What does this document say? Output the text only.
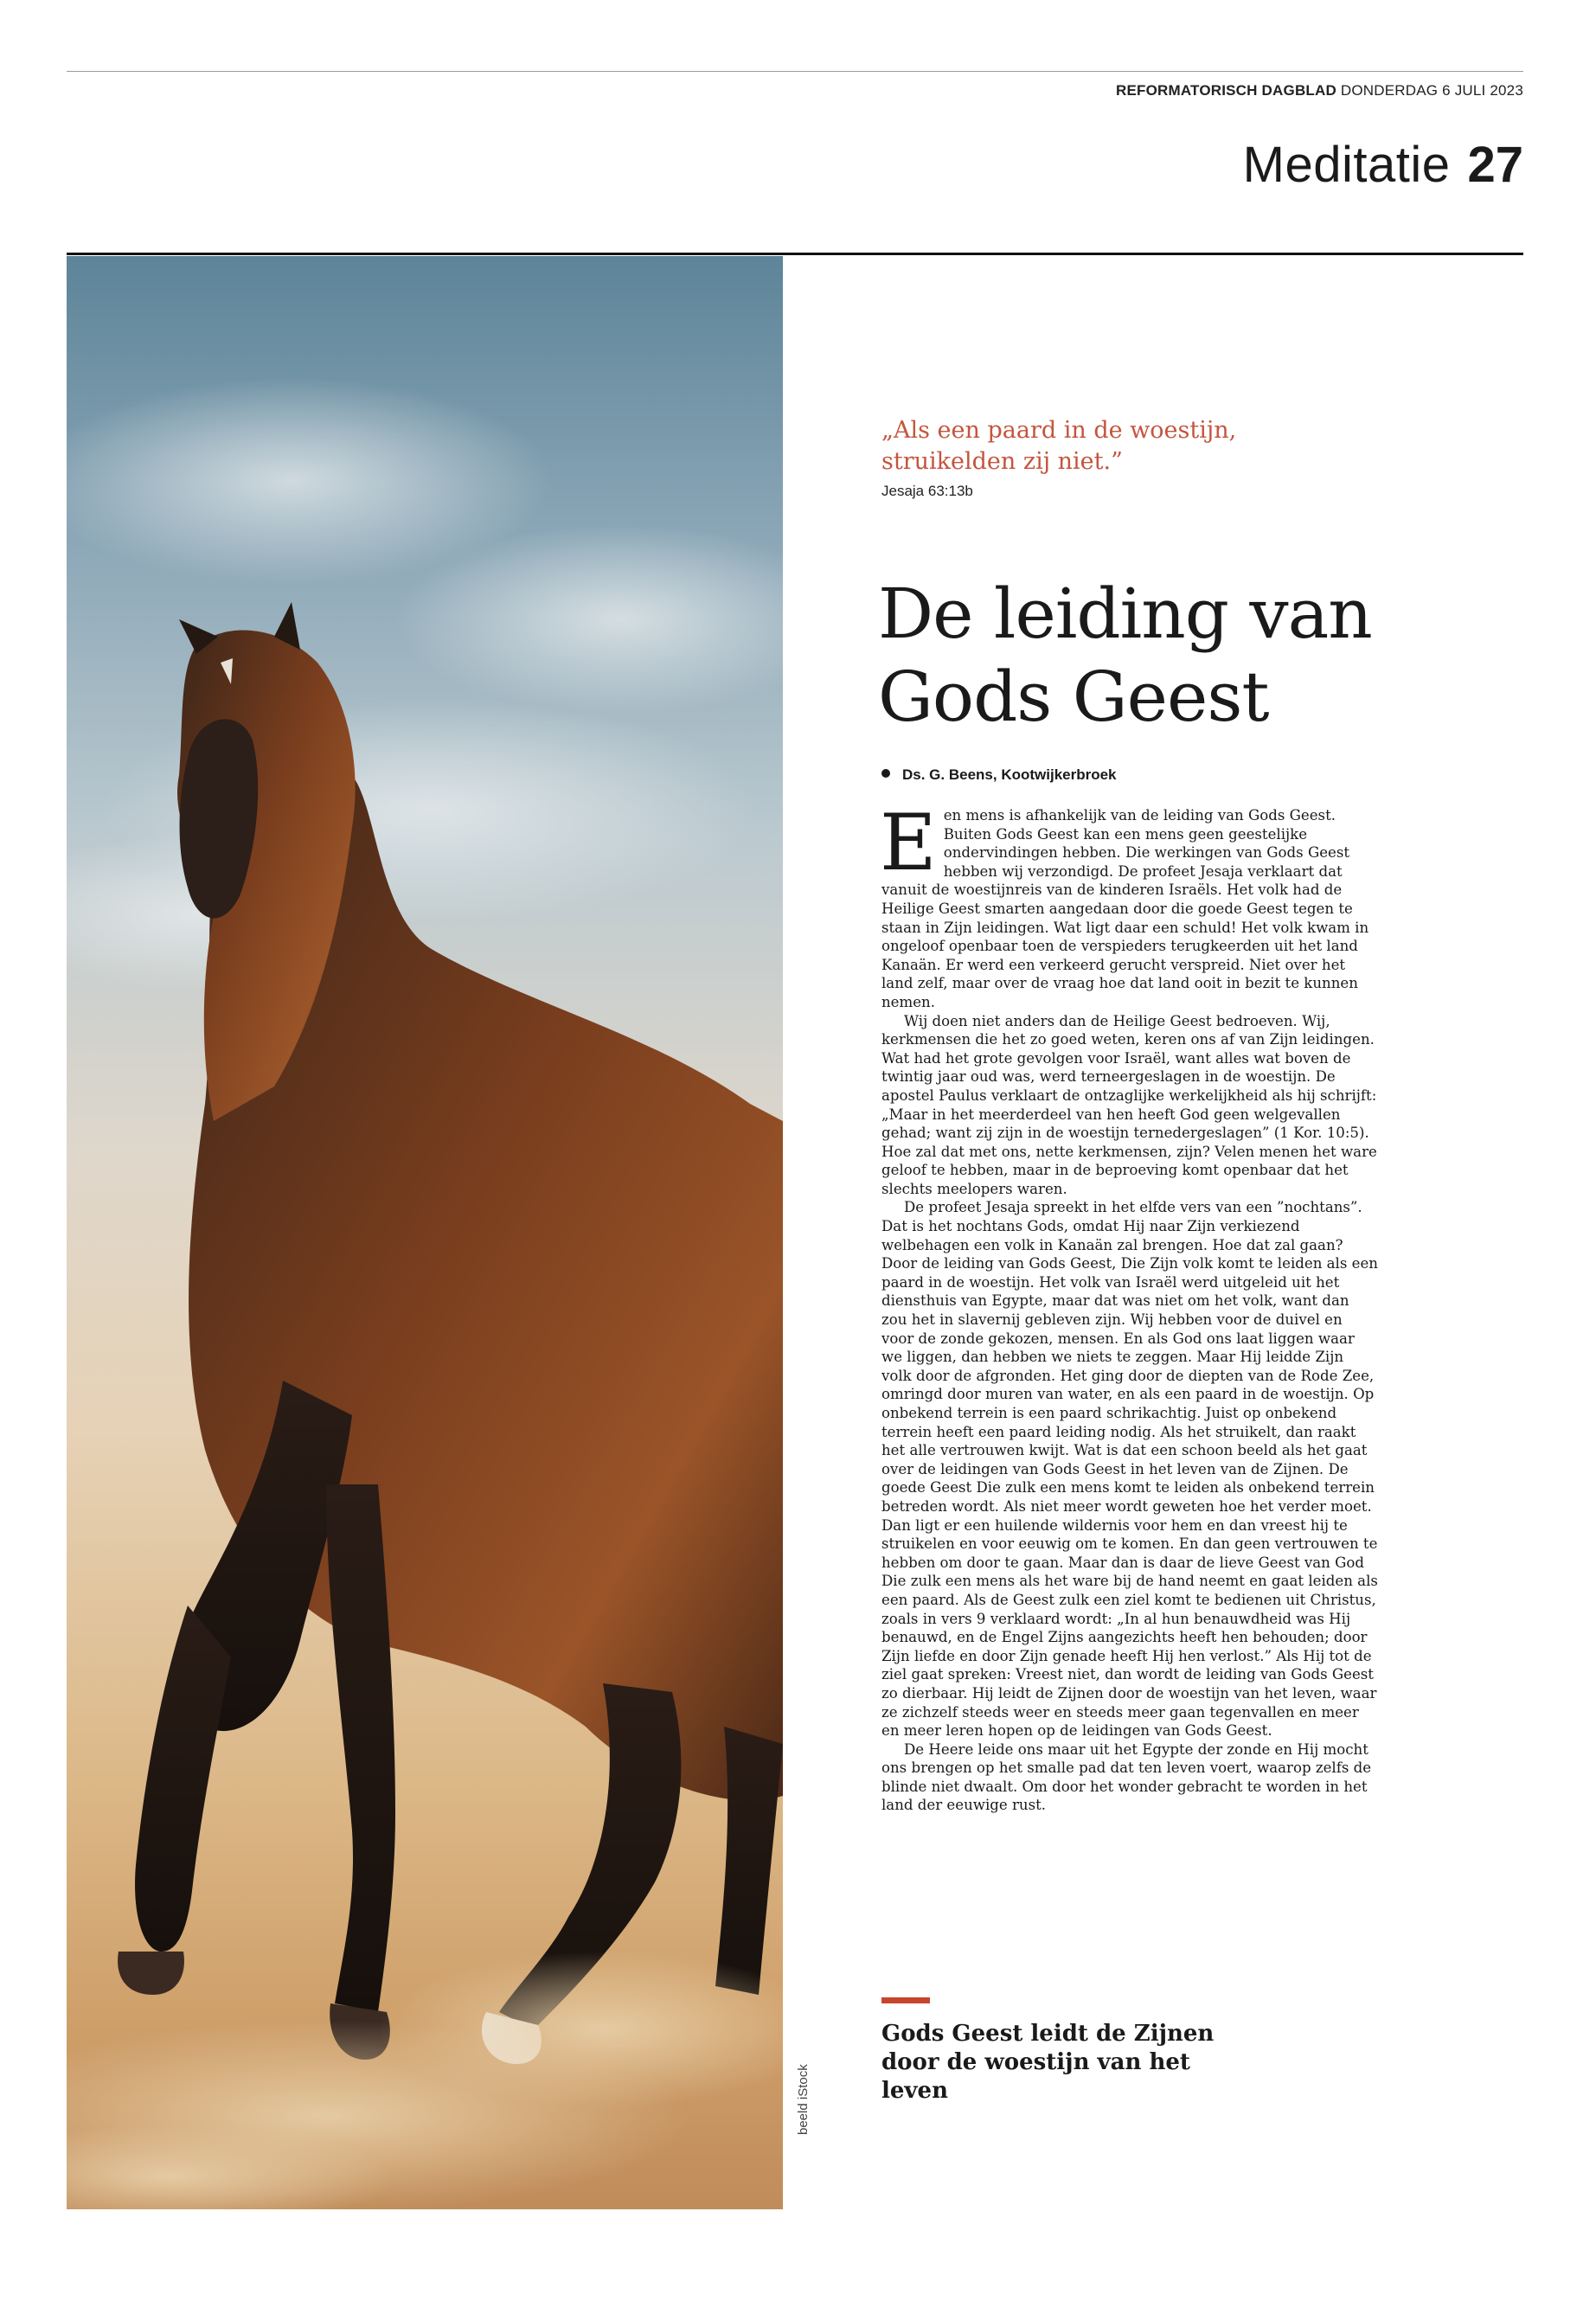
REFORMATORISCH DAGBLAD DONDERDAG 6 JULI 2023
Meditatie 27
beeld iStock
„Als een paard in de woestijn, struikelden zij niet.”
Jesaja 63:13b
De leiding van Gods Geest
Ds. G. Beens, Kootwijkerbroek

Een mens is afhankelijk van de leiding van Gods Geest. Buiten Gods Geest kan een mens geen geestelijke ondervindingen hebben. Die werkingen van Gods Geest hebben wij verzondigd. De profeet Jesaja verklaart dat vanuit de woestijnreis van de kinderen Israëls. Het volk had de Heilige Geest smarten aangedaan door die goede Geest tegen te staan in Zijn leidingen. Wat ligt daar een schuld! Het volk kwam in ongeloof openbaar toen de verspieders terugkeerden uit het land Kanaän. Er werd een verkeerd gerucht verspreid. Niet over het land zelf, maar over de vraag hoe dat land ooit in bezit te kunnen nemen.

Wij doen niet anders dan de Heilige Geest bedroeven. Wij, kerkmensen die het zo goed weten, keren ons af van Zijn leidingen. Wat had het grote gevolgen voor Israël, want alles wat boven de twintig jaar oud was, werd terneergeslagen in de woestijn. De apostel Paulus verklaart de ontzaglijke werkelijkheid als hij schrijft: „Maar in het meerderdeel van hen heeft God geen welgevallen gehad; want zij zijn in de woestijn ternedergeslagen” (1 Kor. 10:5). Hoe zal dat met ons, nette kerkmensen, zijn? Velen menen het ware geloof te hebben, maar in de beproeving komt openbaar dat het slechts meelopers waren.

De profeet Jesaja spreekt in het elfde vers van een ”nochtans”. Dat is het nochtans Gods, omdat Hij naar Zijn verkiezend welbehagen een volk in Kanaän zal brengen. Hoe dat zal gaan? Door de leiding van Gods Geest, Die Zijn volk komt te leiden als een paard in de woestijn. Het volk van Israël werd uitgeleid uit het diensthuis van Egypte, maar dat was niet om het volk, want dan zou het in slavernij gebleven zijn. Wij hebben voor de duivel en voor de zonde gekozen, mensen. En als God ons laat liggen waar we liggen, dan hebben we niets te zeggen. Maar Hij leidde Zijn volk door de afgronden. Het ging door de diepten van de Rode Zee, omringd door muren van water, en als een paard in de woestijn. Op onbekend terrein is een paard schrikachtig. Juist op onbekend terrein heeft een paard leiding nodig. Als het struikelt, dan raakt het alle vertrouwen kwijt. Wat is dat een schoon beeld als het gaat over de leidingen van Gods Geest in het leven van de Zijnen. De goede Geest Die zulk een mens komt te leiden als onbekend terrein betreden wordt. Als niet meer wordt geweten hoe het verder moet. Dan ligt er een huilende wildernis voor hem en dan vreest hij te struikelen en voor eeuwig om te komen. En dan geen vertrouwen te hebben om door te gaan. Maar dan is daar de lieve Geest van God Die zulk een mens als het ware bij de hand neemt en gaat leiden als een paard. Als de Geest zulk een ziel komt te bedienen uit Christus, zoals in vers 9 verklaard wordt: „In al hun benauwdheid was Hij benauwd, en de Engel Zijns aangezichts heeft hen behouden; door Zijn liefde en door Zijn genade heeft Hij hen verlost.” Als Hij tot de ziel gaat spreken: Vreest niet, dan wordt de leiding van Gods Geest zo dierbaar. Hij leidt de Zijnen door de woestijn van het leven, waar ze zichzelf steeds weer en steeds meer gaan tegenvallen en meer en meer leren hopen op de leidingen van Gods Geest.

De Heere leide ons maar uit het Egypte der zonde en Hij mocht ons brengen op het smalle pad dat ten leven voert, waarop zelfs de blinde niet dwaalt. Om door het wonder gebracht te worden in het land der eeuwige rust.

Gods Geest leidt de Zijnen door de woestijn van het leven
